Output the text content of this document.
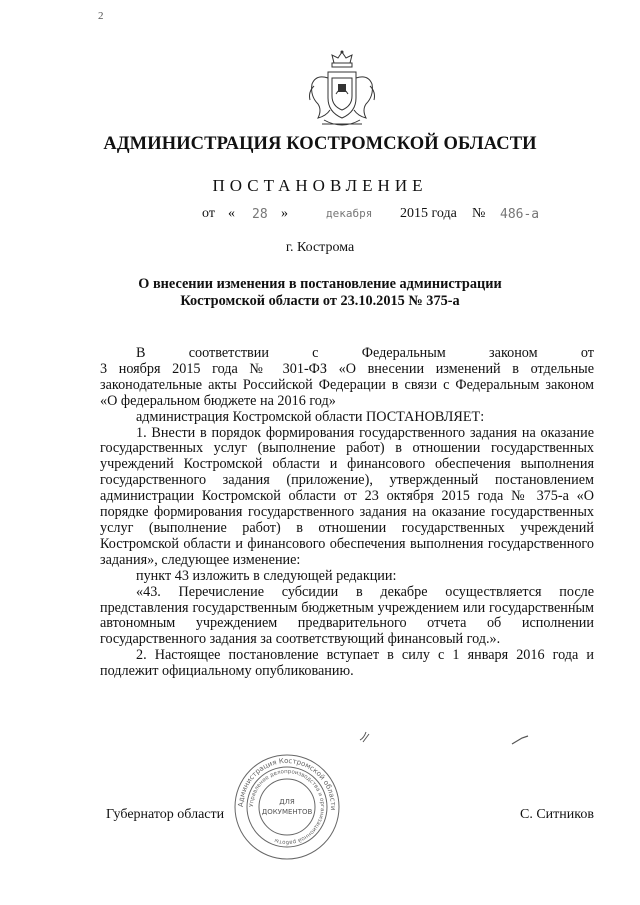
2
АДМИНИСТРАЦИЯ КОСТРОМСКОЙ ОБЛАСТИ
ПОСТАНОВЛЕНИЕ
от « 28 »	декабря 2015 года № 486-а
г. Кострома
О внесении изменения в постановление администрации
Костромской области от 23.10.2015 № 375-а

В соответствии с Федеральным законом от

3 ноября 2015 года № 301-ФЗ «О внесении изменений в отдельные законодательные акты Российской Федерации в связи с Федеральным законом «О федеральном бюджете на 2016 год»

администрация Костромской области ПОСТАНОВЛЯЕТ:

1. Внести в порядок формирования государственного задания на оказание государственных услуг (выполнение работ) в отношении государственных учреждений Костромской области и финансового обеспечения выполнения государственного задания (приложение), утвержденный постановлением администрации Костромской области от 23 октября 2015 года № 375-а «О порядке формирования государственного задания на оказание государственных услуг (выполнение работ) в отношении государственных учреждений Костромской области и финансового обеспечения выполнения государственного задания», следующее изменение:

пункт 43 изложить в следующей редакции:

«43. Перечисление субсидии в декабре осуществляется после представления государственным бюджетным учреждением или государственным автономным учреждением предварительного отчета об исполнении государственного задания за соответствующий финансовый год.».

2. Настоящее постановление вступает в силу с 1 января 2016 года и подлежит официальному опубликованию.

Администрация Костромской области
Управление делопроизводства и организационной работы
ДЛЯ
ДОКУМЕНТОВ
Губернатор области	С. Ситников
